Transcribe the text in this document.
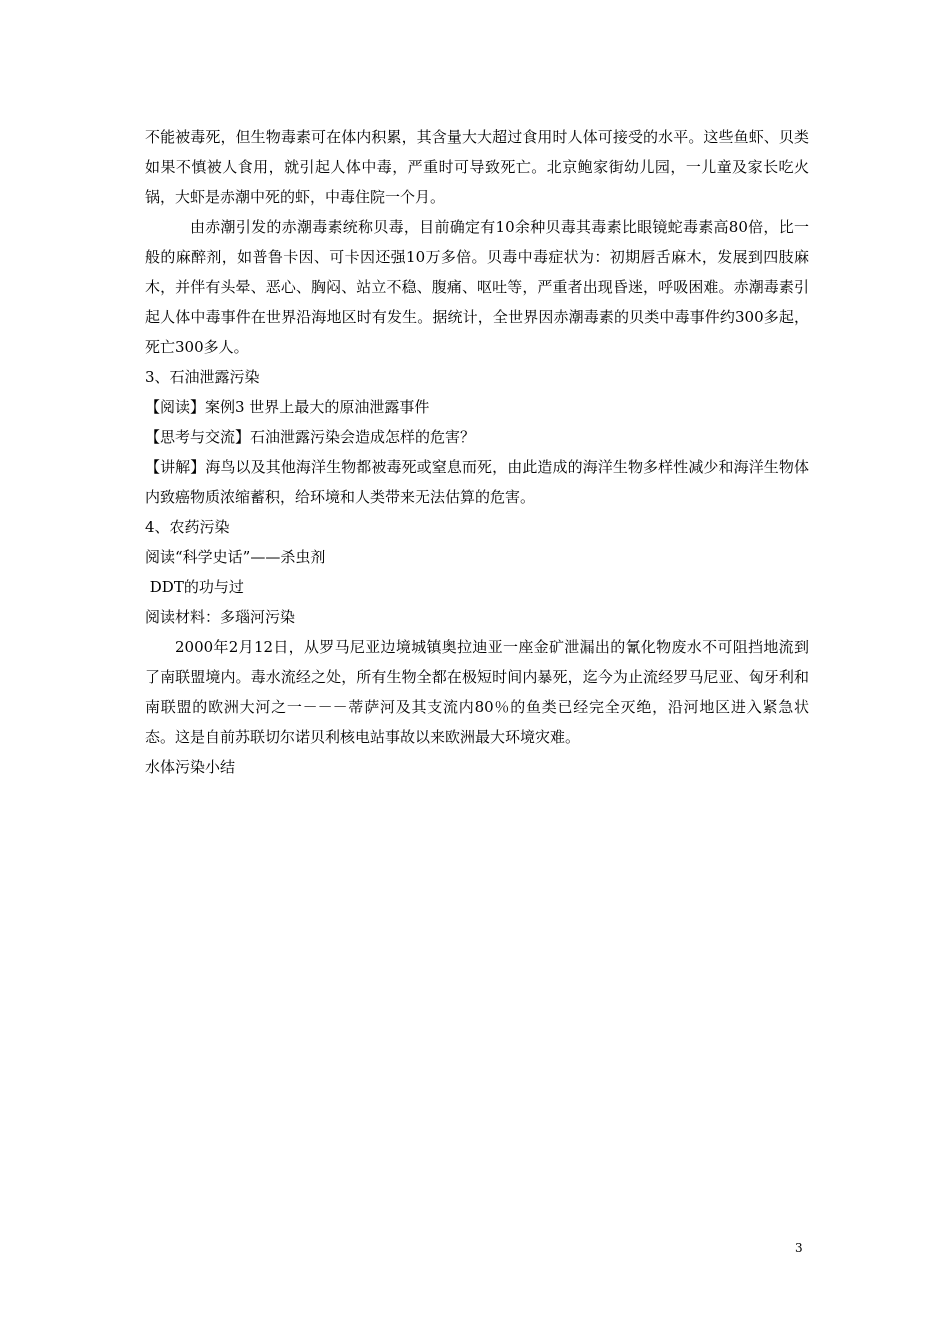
不能被毒死，但生物毒素可在体内积累，其含量大大超过食用时人体可接受的水平。这些鱼虾、贝类如果不慎被人食用，就引起人体中毒，严重时可导致死亡。北京鲍家街幼儿园，一儿童及家长吃火锅，大虾是赤潮中死的虾，中毒住院一个月。

由赤潮引发的赤潮毒素统称贝毒，目前确定有10余种贝毒其毒素比眼镜蛇毒素高80倍，比一般的麻醉剂，如普鲁卡因、可卡因还强10万多倍。贝毒中毒症状为：初期唇舌麻木，发展到四肢麻木，并伴有头晕、恶心、胸闷、站立不稳、腹痛、呕吐等，严重者出现昏迷，呼吸困难。赤潮毒素引起人体中毒事件在世界沿海地区时有发生。据统计，全世界因赤潮毒素的贝类中毒事件约300多起，死亡300多人。

3、石油泄露污染

【阅读】案例3 世界上最大的原油泄露事件

【思考与交流】石油泄露污染会造成怎样的危害？

【讲解】海鸟以及其他海洋生物都被毒死或窒息而死，由此造成的海洋生物多样性减少和海洋生物体内致癌物质浓缩蓄积，给环境和人类带来无法估算的危害。

4、农药污染

阅读“科学史话”——杀虫剂

DDT的功与过

阅读材料：多瑙河污染

2000年2月12日，从罗马尼亚边境城镇奥拉迪亚一座金矿泄漏出的氰化物废水不可阻挡地流到了南联盟境内。毒水流经之处，所有生物全都在极短时间内暴死，迄今为止流经罗马尼亚、匈牙利和南联盟的欧洲大河之一－－－蒂萨河及其支流内80％的鱼类已经完全灭绝，沿河地区进入紧急状态。这是自前苏联切尔诺贝利核电站事故以来欧洲最大环境灾难。

水体污染小结

3
